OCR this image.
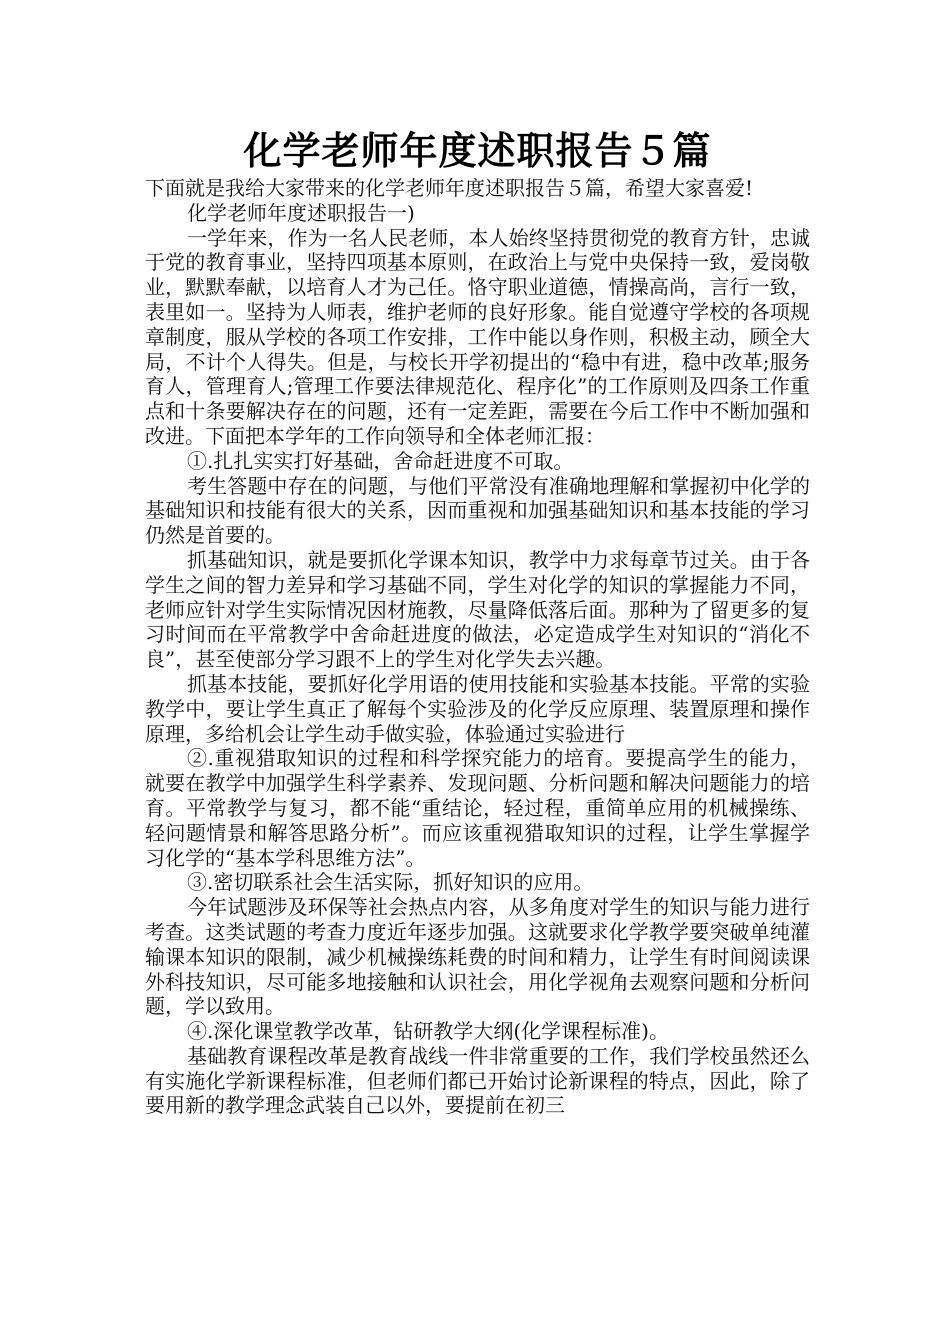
化学老师年度述职报告５篇

下面就是我给大家带来的化学老师年度述职报告５篇，希望大家喜爱!

化学老师年度述职报告一)

一学年来，作为一名人民老师，本人始终坚持贯彻党的教育方针，忠诚于党的教育事业，坚持四项基本原则，在政治上与党中央保持一致，爱岗敬业，默默奉献，以培育人才为己任。恪守职业道德，情操高尚，言行一致，表里如一。坚持为人师表，维护老师的良好形象。能自觉遵守学校的各项规章制度，服从学校的各项工作安排，工作中能以身作则，积极主动，顾全大局，不计个人得失。但是，与校长开学初提出的“稳中有进，稳中改革;服务育人，管理育人;管理工作要法律规范化、程序化”的工作原则及四条工作重点和十条要解决存在的问题，还有一定差距，需要在今后工作中不断加强和改进。下面把本学年的工作向领导和全体老师汇报：

①.扎扎实实打好基础，舍命赶进度不可取。

考生答题中存在的问题，与他们平常没有准确地理解和掌握初中化学的基础知识和技能有很大的关系，因而重视和加强基础知识和基本技能的学习仍然是首要的。

抓基础知识，就是要抓化学课本知识，教学中力求每章节过关。由于各学生之间的智力差异和学习基础不同，学生对化学的知识的掌握能力不同，老师应针对学生实际情况因材施教，尽量降低落后面。那种为了留更多的复习时间而在平常教学中舍命赶进度的做法，必定造成学生对知识的“消化不良”，甚至使部分学习跟不上的学生对化学失去兴趣。

抓基本技能，要抓好化学用语的使用技能和实验基本技能。平常的实验教学中，要让学生真正了解每个实验涉及的化学反应原理、装置原理和操作原理，多给机会让学生动手做实验，体验通过实验进行

②.重视猎取知识的过程和科学探究能力的培育。要提高学生的能力，就要在教学中加强学生科学素养、发现问题、分析问题和解决问题能力的培育。平常教学与复习，都不能“重结论，轻过程，重简单应用的机械操练、轻问题情景和解答思路分析”。而应该重视猎取知识的过程，让学生掌握学习化学的“基本学科思维方法”。

③.密切联系社会生活实际，抓好知识的应用。

今年试题涉及环保等社会热点内容，从多角度对学生的知识与能力进行考查。这类试题的考查力度近年逐步加强。这就要求化学教学要突破单纯灌输课本知识的限制，减少机械操练耗费的时间和精力，让学生有时间阅读课外科技知识，尽可能多地接触和认识社会，用化学视角去观察问题和分析问题，学以致用。

④.深化课堂教学改革，钻研教学大纲(化学课程标准)。

基础教育课程改革是教育战线一件非常重要的工作，我们学校虽然还么有实施化学新课程标准，但老师们都已开始讨论新课程的特点，因此，除了要用新的教学理念武装自己以外，要提前在初三
